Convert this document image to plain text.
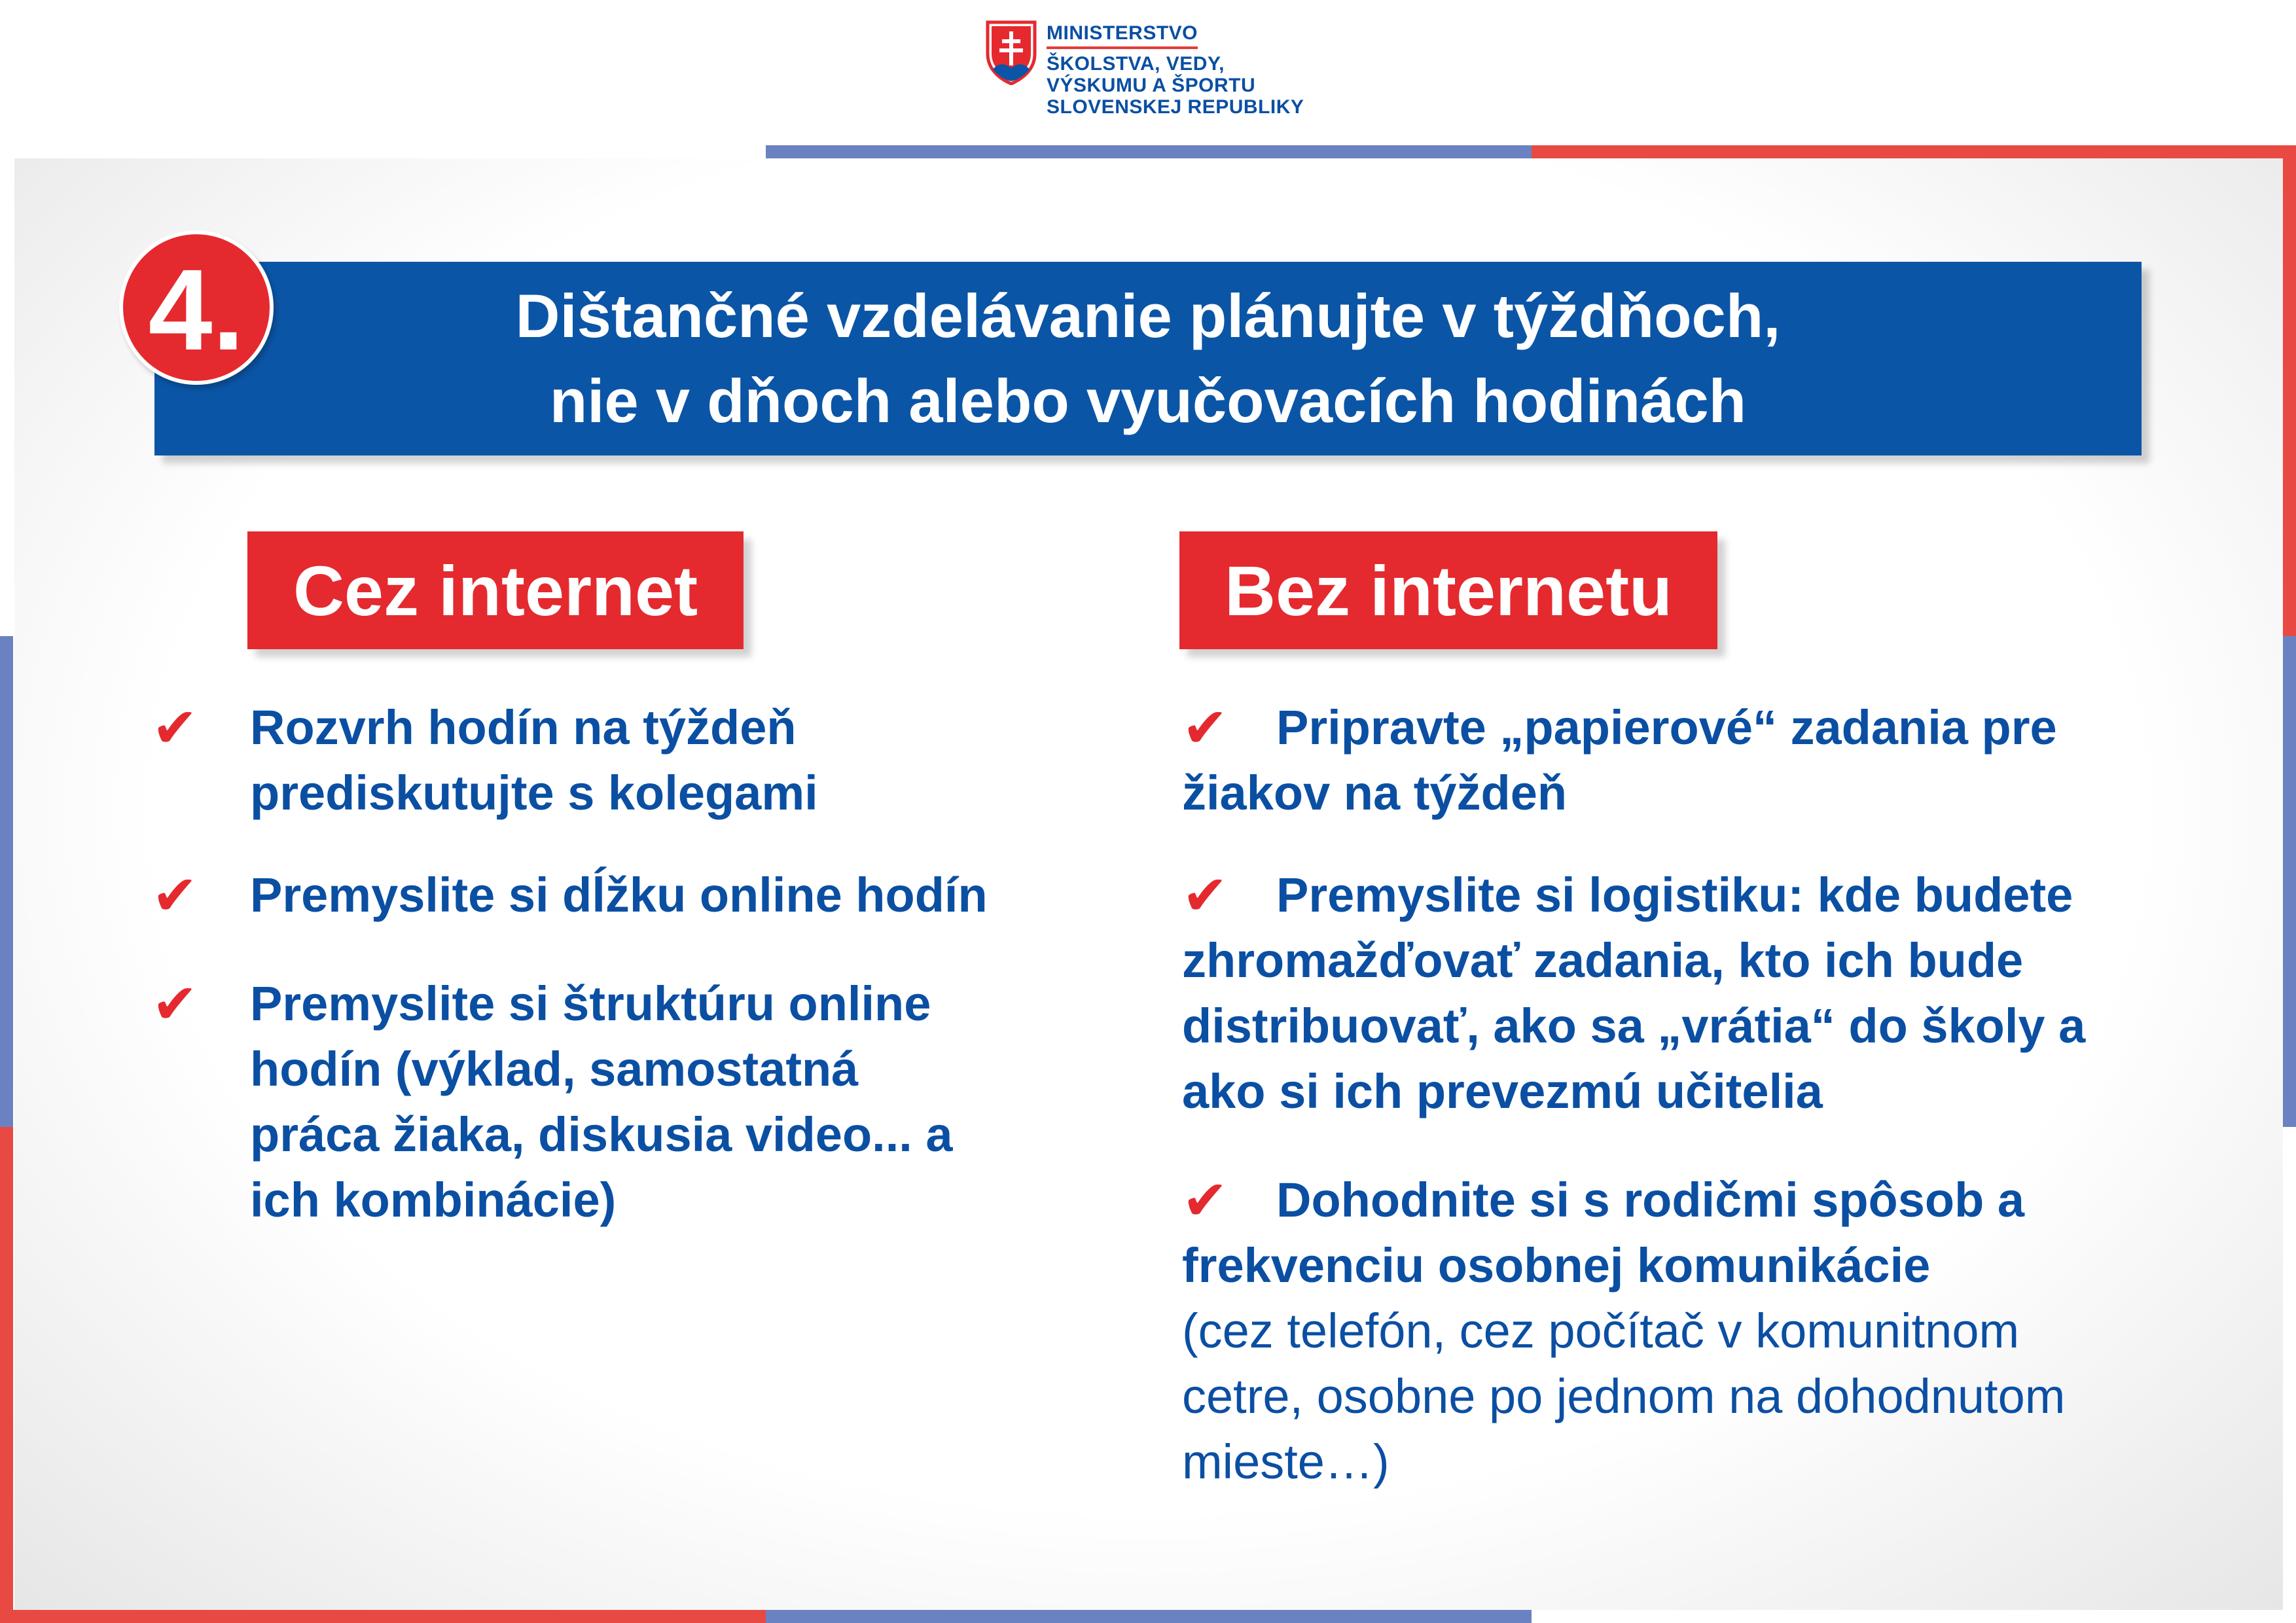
MINISTERSTVO
ŠKOLSTVA, VEDY,
VÝSKUMU A ŠPORTU
SLOVENSKEJ REPUBLIKY
Dištančné vzdelávanie plánujte v týždňoch,
nie v dňoch alebo vyučovacích hodinách
4.
Cez internet	Bez internetu
✔	Rozvrh hodín na týždeň prediskutujte s kolegami
✔	Premyslite si dĺžku online hodín
✔	Premyslite si štruktúru online hodín (výklad, samostatná práca žiaka, diskusia video... a ich kombinácie)
✔ Pripravte „papierové“ zadania pre žiakov na týždeň
✔ Premyslite si logistiku: kde budete zhromažďovať zadania, kto ich bude distribuovať, ako sa „vrátia“ do školy a ako si ich prevezmú učitelia
✔ Dohodnite si s rodičmi spôsob a frekvenciu osobnej komunikácie
(cez telefón, cez počítač v komunitnom cetre, osobne po jednom na dohodnutom mieste…)
